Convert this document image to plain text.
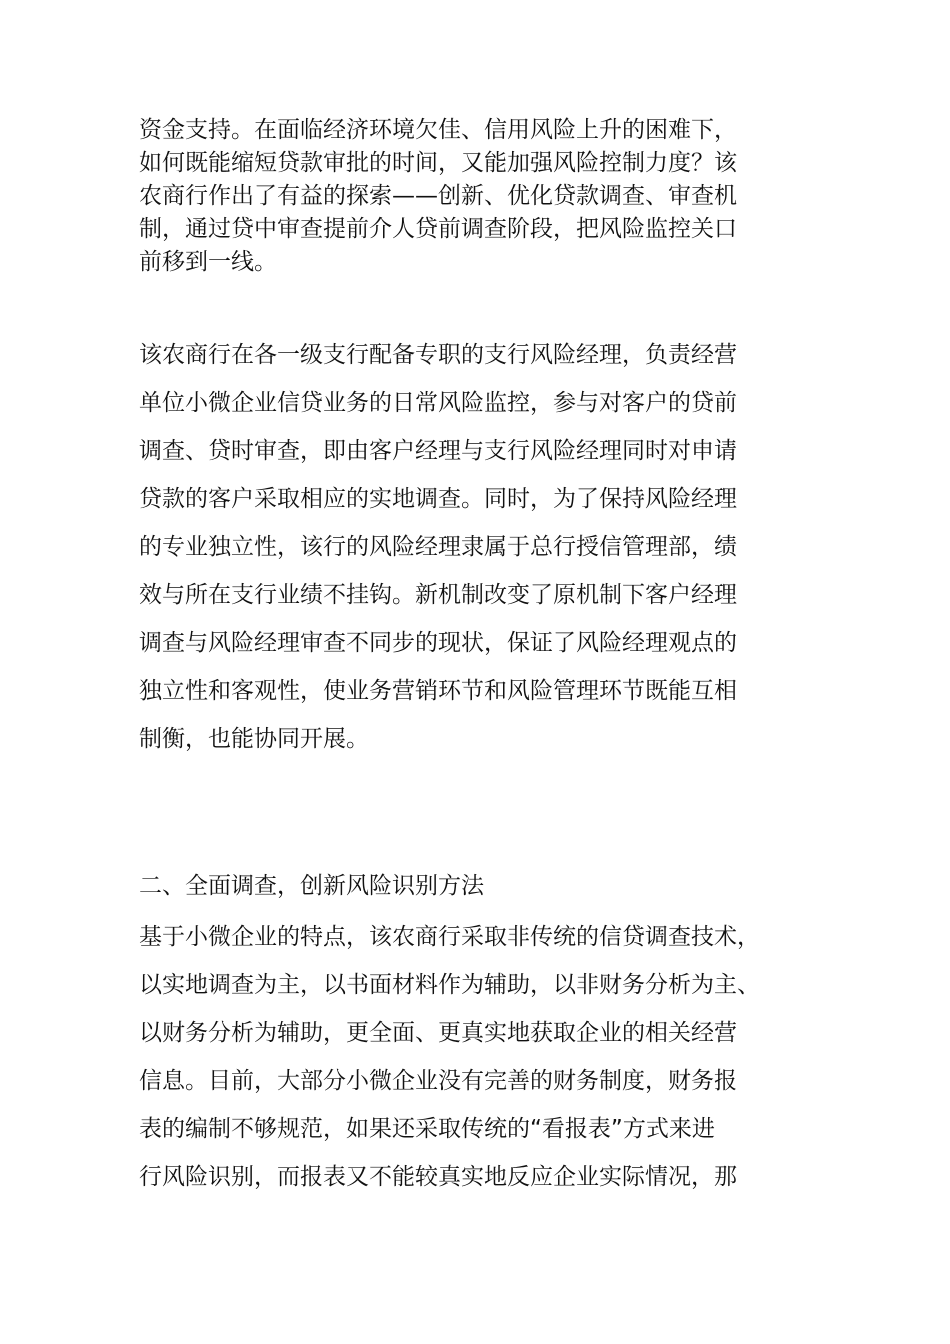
资金支持。在面临经济环境欠佳、信用风险上升的困难下，
如何既能缩短贷款审批的时间，又能加强风险控制力度？该
农商行作出了有益的探索——创新、优化贷款调查、审查机
制，通过贷中审查提前介人贷前调查阶段，把风险监控关口
前移到一线。
该农商行在各一级支行配备专职的支行风险经理，负责经营
单位小微企业信贷业务的日常风险监控，参与对客户的贷前
调查、贷时审查，即由客户经理与支行风险经理同时对申请
贷款的客户采取相应的实地调查。同时，为了保持风险经理
的专业独立性，该行的风险经理隶属于总行授信管理部，绩
效与所在支行业绩不挂钩。新机制改变了原机制下客户经理
调查与风险经理审查不同步的现状，保证了风险经理观点的
独立性和客观性，使业务营销环节和风险管理环节既能互相
制衡，也能协同开展。
二、全面调查，创新风险识别方法
基于小微企业的特点，该农商行采取非传统的信贷调查技术，
以实地调查为主，以书面材料作为辅助，以非财务分析为主、
以财务分析为辅助，更全面、更真实地获取企业的相关经营
信息。目前，大部分小微企业没有完善的财务制度，财务报
表的编制不够规范，如果还采取传统的“看报表”方式来进
行风险识别，而报表又不能较真实地反应企业实际情况，那
